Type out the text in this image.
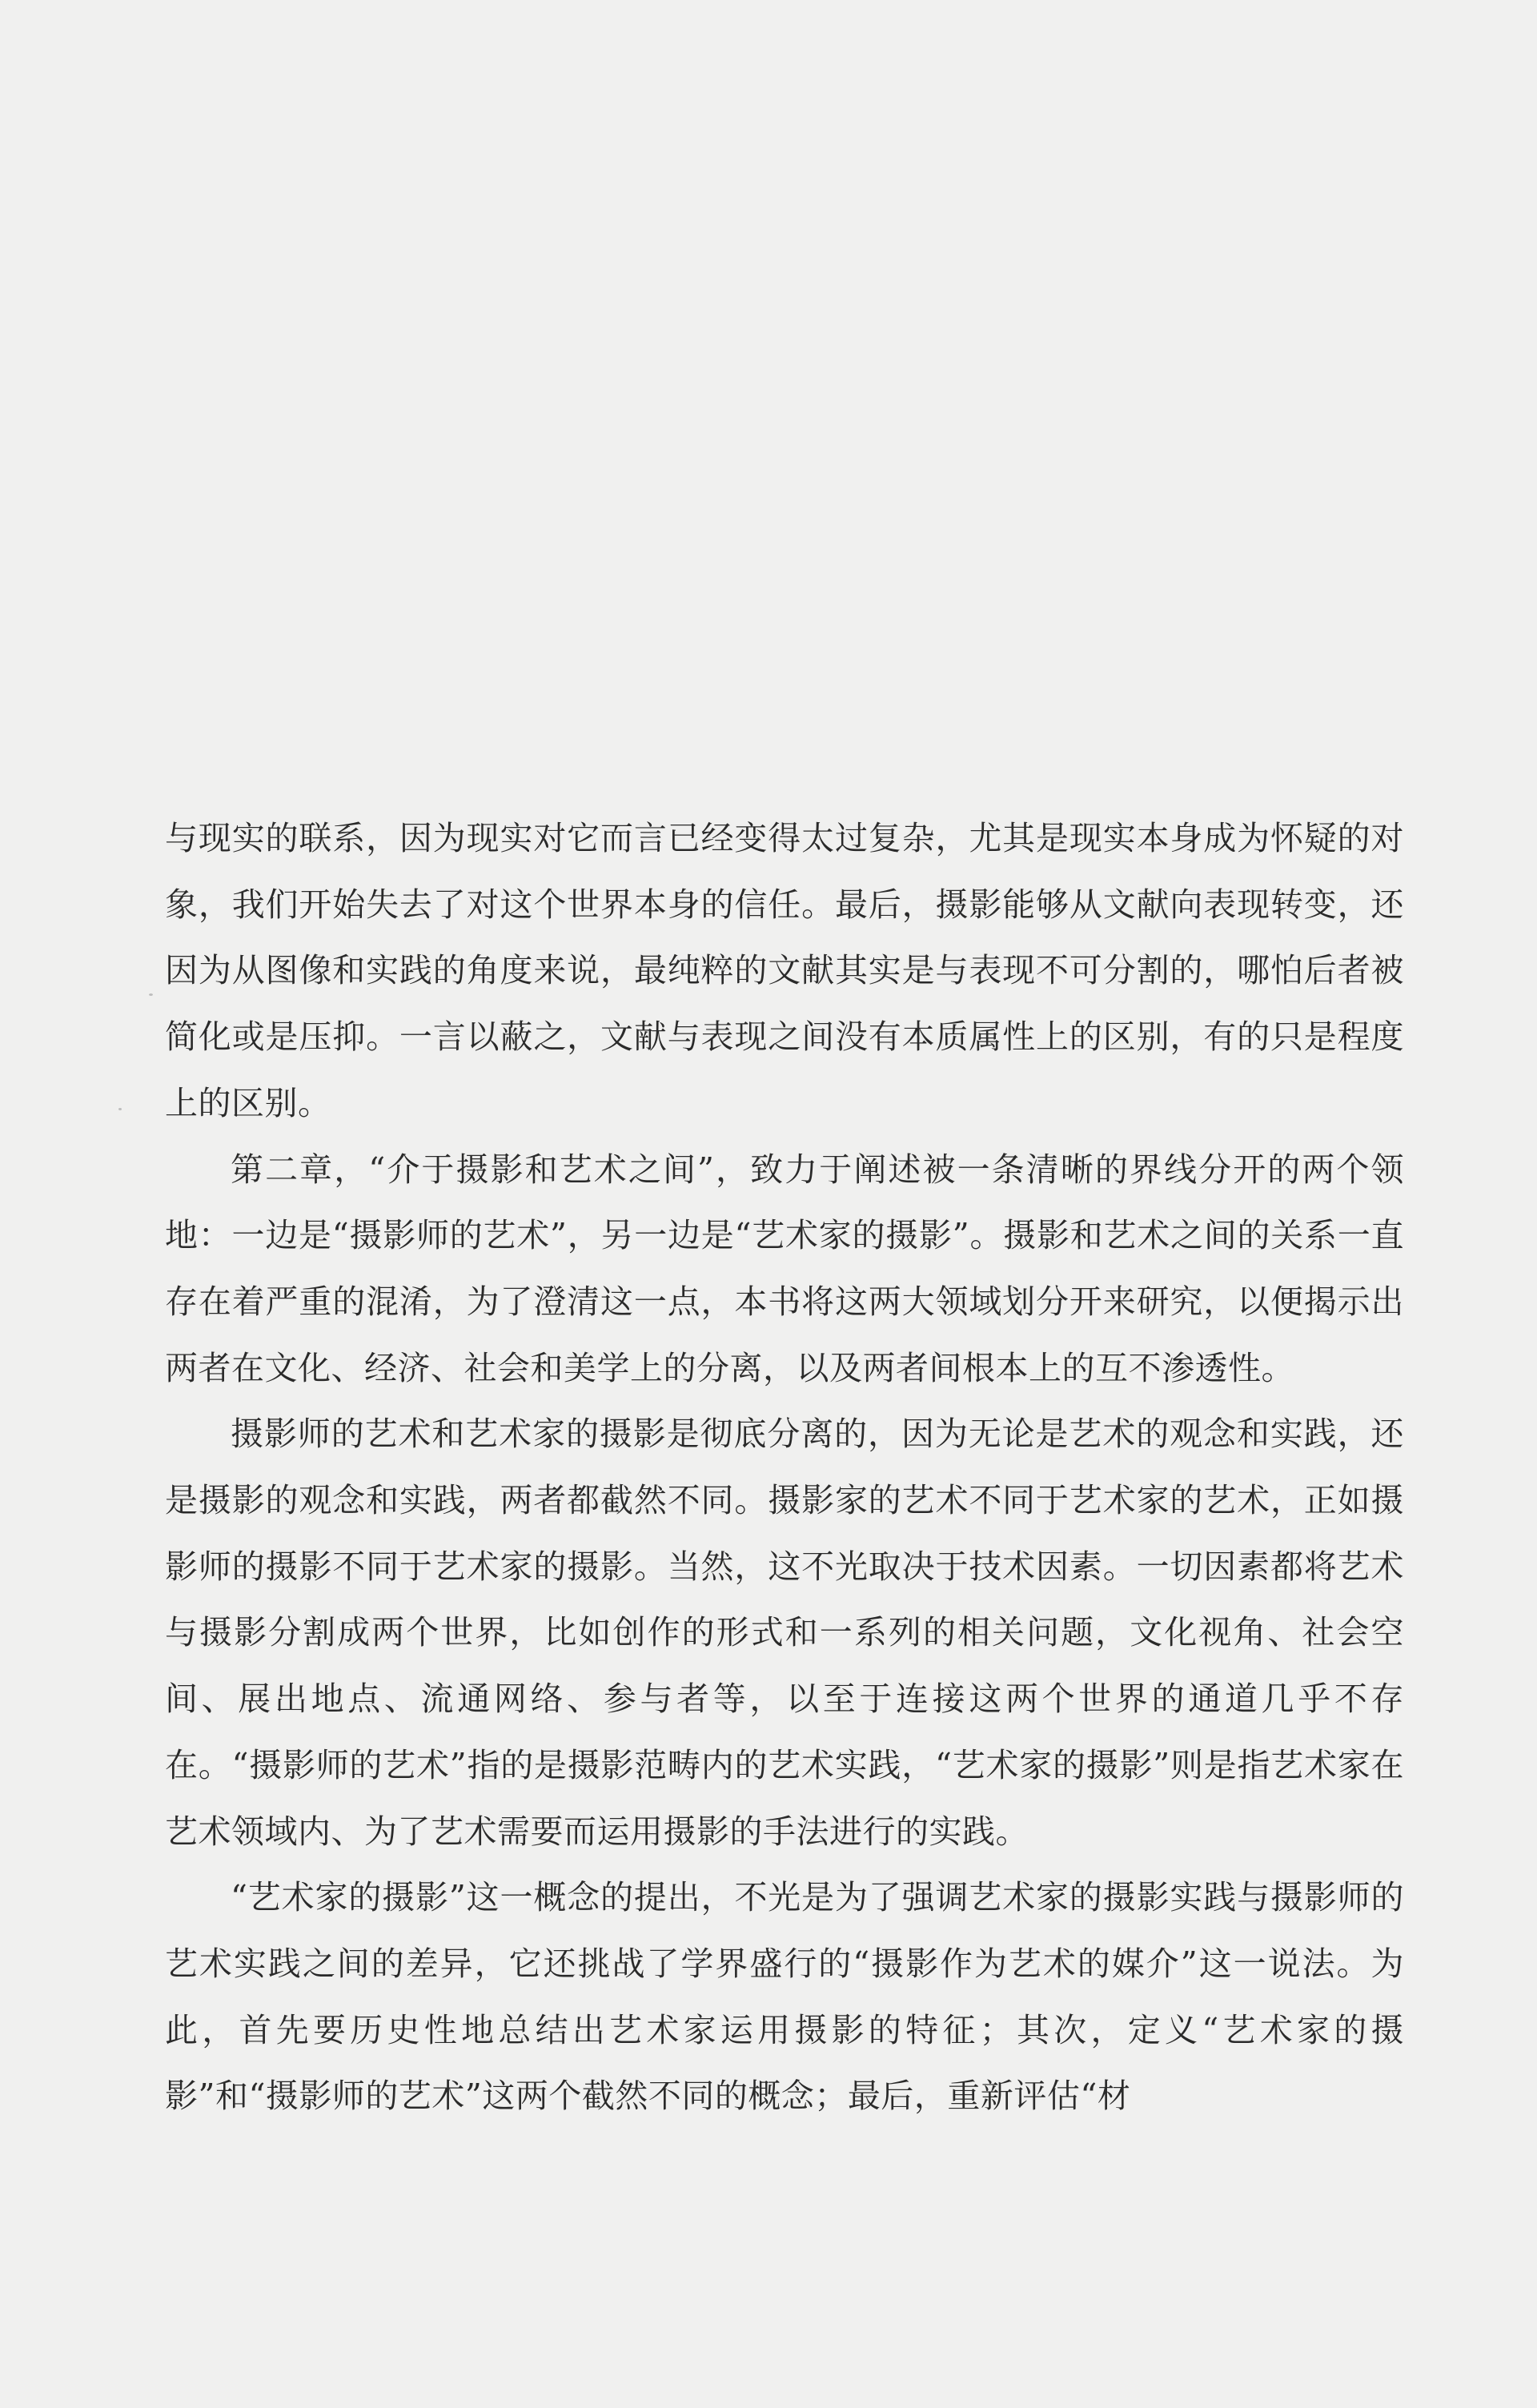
与现实的联系，因为现实对它而言已经变得太过复杂，尤其是现实本身成为怀疑的对象，我们开始失去了对这个世界本身的信任。最后，摄影能够从文献向表现转变，还因为从图像和实践的角度来说，最纯粹的文献其实是与表现不可分割的，哪怕后者被简化或是压抑。一言以蔽之，文献与表现之间没有本质属性上的区别，有的只是程度上的区别。

第二章，“介于摄影和艺术之间”，致力于阐述被一条清晰的界线分开的两个领地：一边是“摄影师的艺术”，另一边是“艺术家的摄影”。摄影和艺术之间的关系一直存在着严重的混淆，为了澄清这一点，本书将这两大领域划分开来研究，以便揭示出两者在文化、经济、社会和美学上的分离，以及两者间根本上的互不渗透性。

摄影师的艺术和艺术家的摄影是彻底分离的，因为无论是艺术的观念和实践，还是摄影的观念和实践，两者都截然不同。摄影家的艺术不同于艺术家的艺术，正如摄影师的摄影不同于艺术家的摄影。当然，这不光取决于技术因素。一切因素都将艺术与摄影分割成两个世界，比如创作的形式和一系列的相关问题，文化视角、社会空间、展出地点、流通网络、参与者等，以至于连接这两个世界的通道几乎不存在。“摄影师的艺术”指的是摄影范畴内的艺术实践，“艺术家的摄影”则是指艺术家在艺术领域内、为了艺术需要而运用摄影的手法进行的实践。

“艺术家的摄影”这一概念的提出，不光是为了强调艺术家的摄影实践与摄影师的艺术实践之间的差异，它还挑战了学界盛行的“摄影作为艺术的媒介”这一说法。为此，首先要历史性地总结出艺术家运用摄影的特征；其次，定义“艺术家的摄影”和“摄影师的艺术”这两个截然不同的概念；最后，重新评估“材
